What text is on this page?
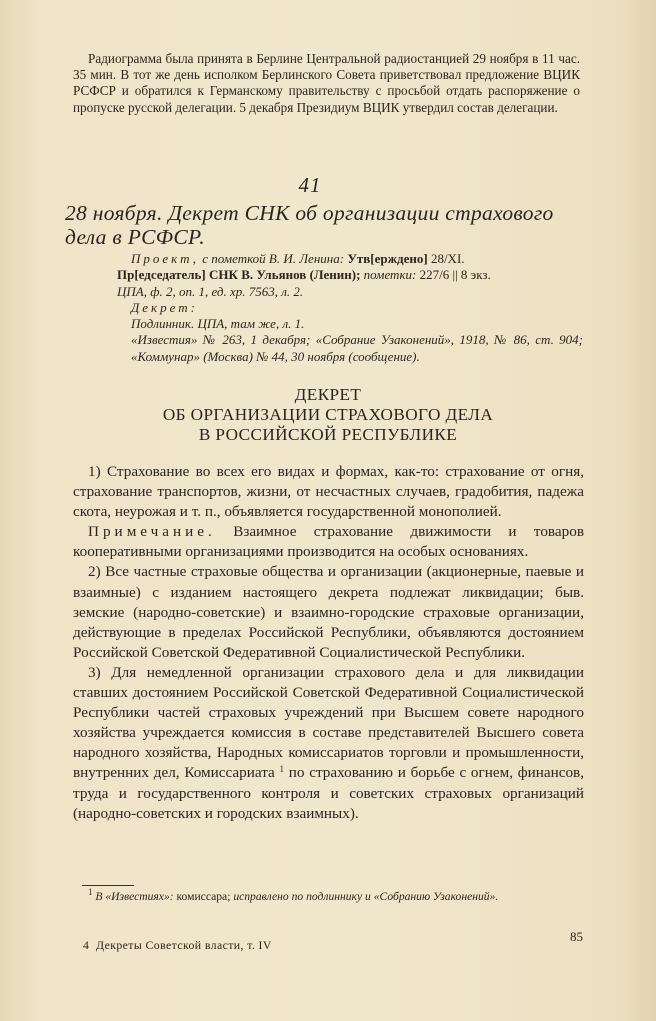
Радиограмма была принята в Берлине Центральной радиостанцией 29 ноября в 11 час. 35 мин. В тот же день исполком Берлинского Совета приветствовал предложение ВЦИК РСФСР и обратился к Германскому правительству с просьбой отдать распоряжение о пропуске русской делегации. 5 декабря Президиум ВЦИК утвердил состав делегации.

41
28 ноября. Декрет СНК об организации страхового дела в РСФСР.

Проект, с пометкой В. И. Ленина: Утв[ерждено] 28/XI.

Пр[едседатель] СНК В. Ульянов (Ленин); пометки: 227/6 || 8 экз.

ЦПА, ф. 2, оп. 1, ед. хр. 7563, л. 2.

Декрет:

Подлинник. ЦПА, там же, л. 1.

«Известия» № 263, 1 декабря; «Собрание Узаконений», 1918, № 86, ст. 904; «Коммунар» (Москва) № 44, 30 ноября (сообщение).

ДЕКРЕТ
ОБ ОРГАНИЗАЦИИ СТРАХОВОГО ДЕЛА
В РОССИЙСКОЙ РЕСПУБЛИКЕ

1) Страхование во всех его видах и формах, как-то: страхование от огня, страхование транспортов, жизни, от несчастных случаев, градобития, падежа скота, неурожая и т. п., объявляется государственной монополией.

Примечание. Взаимное страхование движимости и товаров кооперативными организациями производится на особых основаниях.

2) Все частные страховые общества и организации (акционерные, паевые и взаимные) с изданием настоящего декрета подлежат ликвидации; быв. земские (народно-советские) и взаимно-городские страховые организации, действующие в пределах Российской Республики, объявляются достоянием Российской Советской Федеративной Социалистической Республики.

3) Для немедленной организации страхового дела и для ликвидации ставших достоянием Российской Советской Федеративной Социалистической Республики частей страховых учреждений при Высшем совете народного хозяйства учреждается комиссия в составе представителей Высшего совета народного хозяйства, Народных комиссариатов торговли и промышленности, внутренних дел, Комиссариата $^1$ по страхованию и борьбе с огнем, финансов, труда и государственного контроля и советских страховых организаций (народно-советских и городских взаимных).

$^1$ В «Известиях»: комиссара; исправлено по подлиннику и «Собранию Узаконений».

4  Декреты Советской власти, т. IV
85
